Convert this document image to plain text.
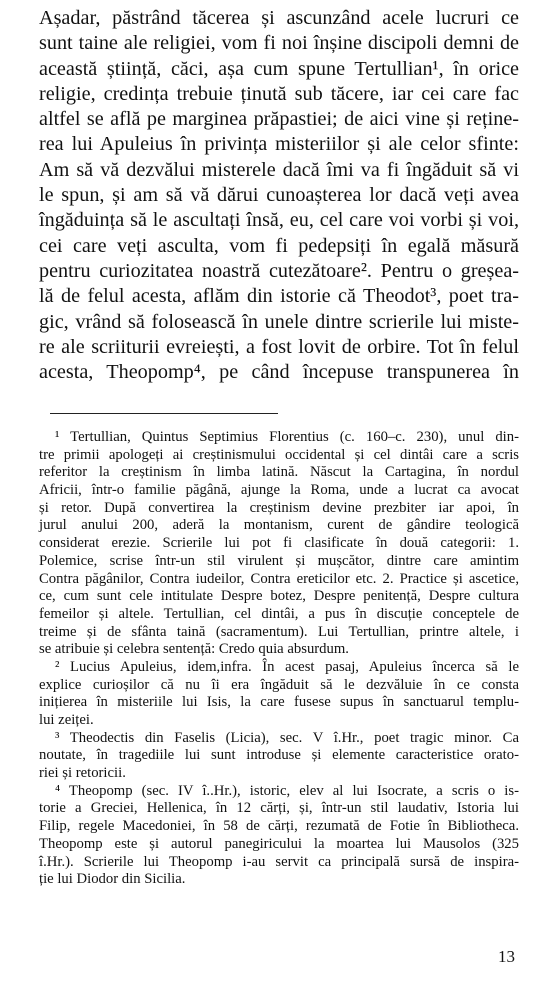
Așadar, păstrând tăcerea și ascunzând acele lucruri ce
sunt taine ale religiei, vom fi noi înșine discipoli demni de
această știință, căci, așa cum spune Tertullian¹, în orice
religie, credința trebuie ținută sub tăcere, iar cei care fac
altfel se află pe marginea prăpastiei; de aici vine și reține-
rea lui Apuleius în privința misteriilor și ale celor sfinte:
Am să vă dezvălui misterele dacă îmi va fi îngăduit să vi
le spun, și am să vă dărui cunoașterea lor dacă veți avea
îngăduința să le ascultați însă, eu, cel care voi vorbi și voi,
cei care veți asculta, vom fi pedepsiți în egală măsură
pentru curiozitatea noastră cutezătoare². Pentru o greșea-
lă de felul acesta, aflăm din istorie că Theodot³, poet tra-
gic, vrând să folosească în unele dintre scrierile lui miste-
re ale scriiturii evreiești, a fost lovit de orbire. Tot în felul
acesta, Theopomp⁴, pe când începuse transpunerea în
¹ Tertullian, Quintus Septimius Florentius (c. 160–c. 230), unul din-
tre primii apologeți ai creștinismului occidental și cel dintâi care a scris
referitor la creștinism în limba latină. Născut la Cartagina, în nordul
Africii, într-o familie păgână, ajunge la Roma, unde a lucrat ca avocat
și retor. După convertirea la creștinism devine prezbiter iar apoi, în
jurul anului 200, aderă la montanism, curent de gândire teologică
considerat erezie. Scrierile lui pot fi clasificate în două categorii: 1.
Polemice, scrise într-un stil virulent și mușcător, dintre care amintim
Contra păgânilor, Contra iudeilor, Contra ereticilor etc. 2. Practice și ascetice,
ce, cum sunt cele intitulate Despre botez, Despre penitență, Despre cultura
femeilor și altele. Tertullian, cel dintâi, a pus în discuție conceptele de
treime și de sfânta taină (sacramentum). Lui Tertullian, printre altele, i
se atribuie și celebra sentență: Credo quia absurdum.
² Lucius Apuleius, idem,infra. În acest pasaj, Apuleius încerca să le
explice curioșilor că nu îi era îngăduit să le dezvăluie în ce consta
inițierea în misteriile lui Isis, la care fusese supus în sanctuarul templu-
lui zeiței.
³ Theodectis din Faselis (Licia), sec. V î.Hr., poet tragic minor. Ca
noutate, în tragediile lui sunt introduse și elemente caracteristice orato-
riei și retoricii.
⁴ Theopomp (sec. IV î..Hr.), istoric, elev al lui Isocrate, a scris o is-
torie a Greciei, Hellenica, în 12 cărți, și, într-un stil laudativ, Istoria lui
Filip, regele Macedoniei, în 58 de cărți, rezumată de Fotie în Bibliotheca.
Theopomp este și autorul panegiricului la moartea lui Mausolos (325
î.Hr.). Scrierile lui Theopomp i-au servit ca principală sursă de inspira-
ție lui Diodor din Sicilia.
13
